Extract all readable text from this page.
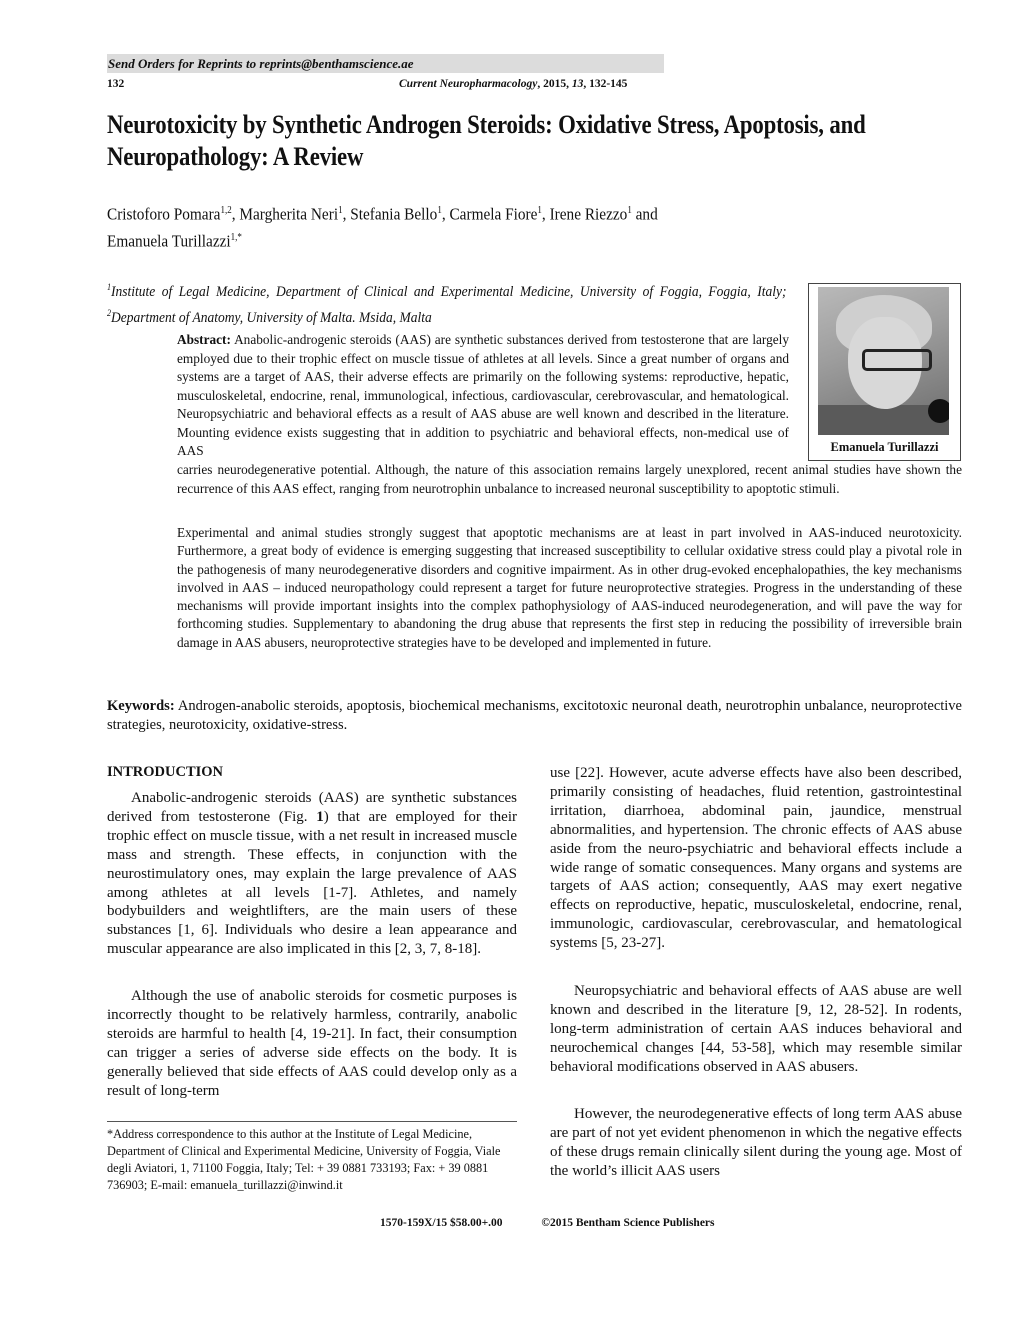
Send Orders for Reprints to reprints@benthamscience.ae
132	Current Neuropharmacology, 2015, 13, 132-145
Neurotoxicity by Synthetic Androgen Steroids: Oxidative Stress, Apoptosis, and Neuropathology: A Review
Cristoforo Pomara$^{1,2}$, Margherita Neri$^1$, Stefania Bello$^1$, Carmela Fiore$^1$, Irene Riezzo$^1$ and
Emanuela Turillazzi$^{1,*}$
$^1$Institute of Legal Medicine, Department of Clinical and Experimental Medicine, University of Foggia, Foggia, Italy; $^2$Department of Anatomy, University of Malta. Msida, Malta
Emanuela Turillazzi
Abstract: Anabolic-androgenic steroids (AAS) are synthetic substances derived from testosterone that are largely employed due to their trophic effect on muscle tissue of athletes at all levels. Since a great number of organs and systems are a target of AAS, their adverse effects are primarily on the following systems: reproductive, hepatic, musculoskeletal, endocrine, renal, immunological, infectious, cardiovascular, cerebrovascular, and hematological. Neuropsychiatric and behavioral effects as a result of AAS abuse are well known and described in the literature. Mounting evidence exists suggesting that in addition to psychiatric and behavioral effects, non-medical use of AAS
carries neurodegenerative potential. Although, the nature of this association remains largely unexplored, recent animal studies have shown the recurrence of this AAS effect, ranging from neurotrophin unbalance to increased neuronal susceptibility to apoptotic stimuli.
Experimental and animal studies strongly suggest that apoptotic mechanisms are at least in part involved in AAS-induced neurotoxicity. Furthermore, a great body of evidence is emerging suggesting that increased susceptibility to cellular oxidative stress could play a pivotal role in the pathogenesis of many neurodegenerative disorders and cognitive impairment. As in other drug-evoked encephalopathies, the key mechanisms involved in AAS – induced neuropathology could represent a target for future neuroprotective strategies. Progress in the understanding of these mechanisms will provide important insights into the complex pathophysiology of AAS-induced neurodegeneration, and will pave the way for forthcoming studies. Supplementary to abandoning the drug abuse that represents the first step in reducing the possibility of irreversible brain damage in AAS abusers, neuroprotective strategies have to be developed and implemented in future.
Keywords: Androgen-anabolic steroids, apoptosis, biochemical mechanisms, excitotoxic neuronal death, neurotrophin unbalance, neuroprotective strategies, neurotoxicity, oxidative-stress.
INTRODUCTION

Anabolic-androgenic steroids (AAS) are synthetic substances derived from testosterone (Fig. 1) that are employed for their trophic effect on muscle tissue, with a net result in increased muscle mass and strength. These effects, in conjunction with the neurostimulatory ones, may explain the large prevalence of AAS among athletes at all levels [1-7]. Athletes, and namely bodybuilders and weightlifters, are the main users of these substances [1, 6]. Individuals who desire a lean appearance and muscular appearance are also implicated in this [2, 3, 7, 8-18].

Although the use of anabolic steroids for cosmetic purposes is incorrectly thought to be relatively harmless, contrarily, anabolic steroids are harmful to health [4, 19-21]. In fact, their consumption can trigger a series of adverse side effects on the body. It is generally believed that side effects of AAS could develop only as a result of long-term

*Address correspondence to this author at the Institute of Legal Medicine, Department of Clinical and Experimental Medicine, University of Foggia, Viale degli Aviatori, 1, 71100 Foggia, Italy; Tel: + 39 0881 733193; Fax: + 39 0881 736903; E-mail: emanuela_turillazzi@inwind.it

use [22]. However, acute adverse effects have also been described, primarily consisting of headaches, fluid retention, gastrointestinal irritation, diarrhoea, abdominal pain, jaundice, menstrual abnormalities, and hypertension. The chronic effects of AAS abuse aside from the neuro-psychiatric and behavioral effects include a wide range of somatic consequences. Many organs and systems are targets of AAS action; consequently, AAS may exert negative effects on reproductive, hepatic, musculoskeletal, endocrine, renal, immunologic, cardiovascular, cerebrovascular, and hematological systems [5, 23-27].

Neuropsychiatric and behavioral effects of AAS abuse are well known and described in the literature [9, 12, 28-52]. In rodents, long-term administration of certain AAS induces behavioral and neurochemical changes [44, 53-58], which may resemble similar behavioral modifications observed in AAS abusers.

However, the neurodegenerative effects of long term AAS abuse are part of not yet evident phenomenon in which the negative effects of these drugs remain clinically silent during the young age. Most of the world’s illicit AAS users

1570-159X/15 $58.00+.00	©2015 Bentham Science Publishers
